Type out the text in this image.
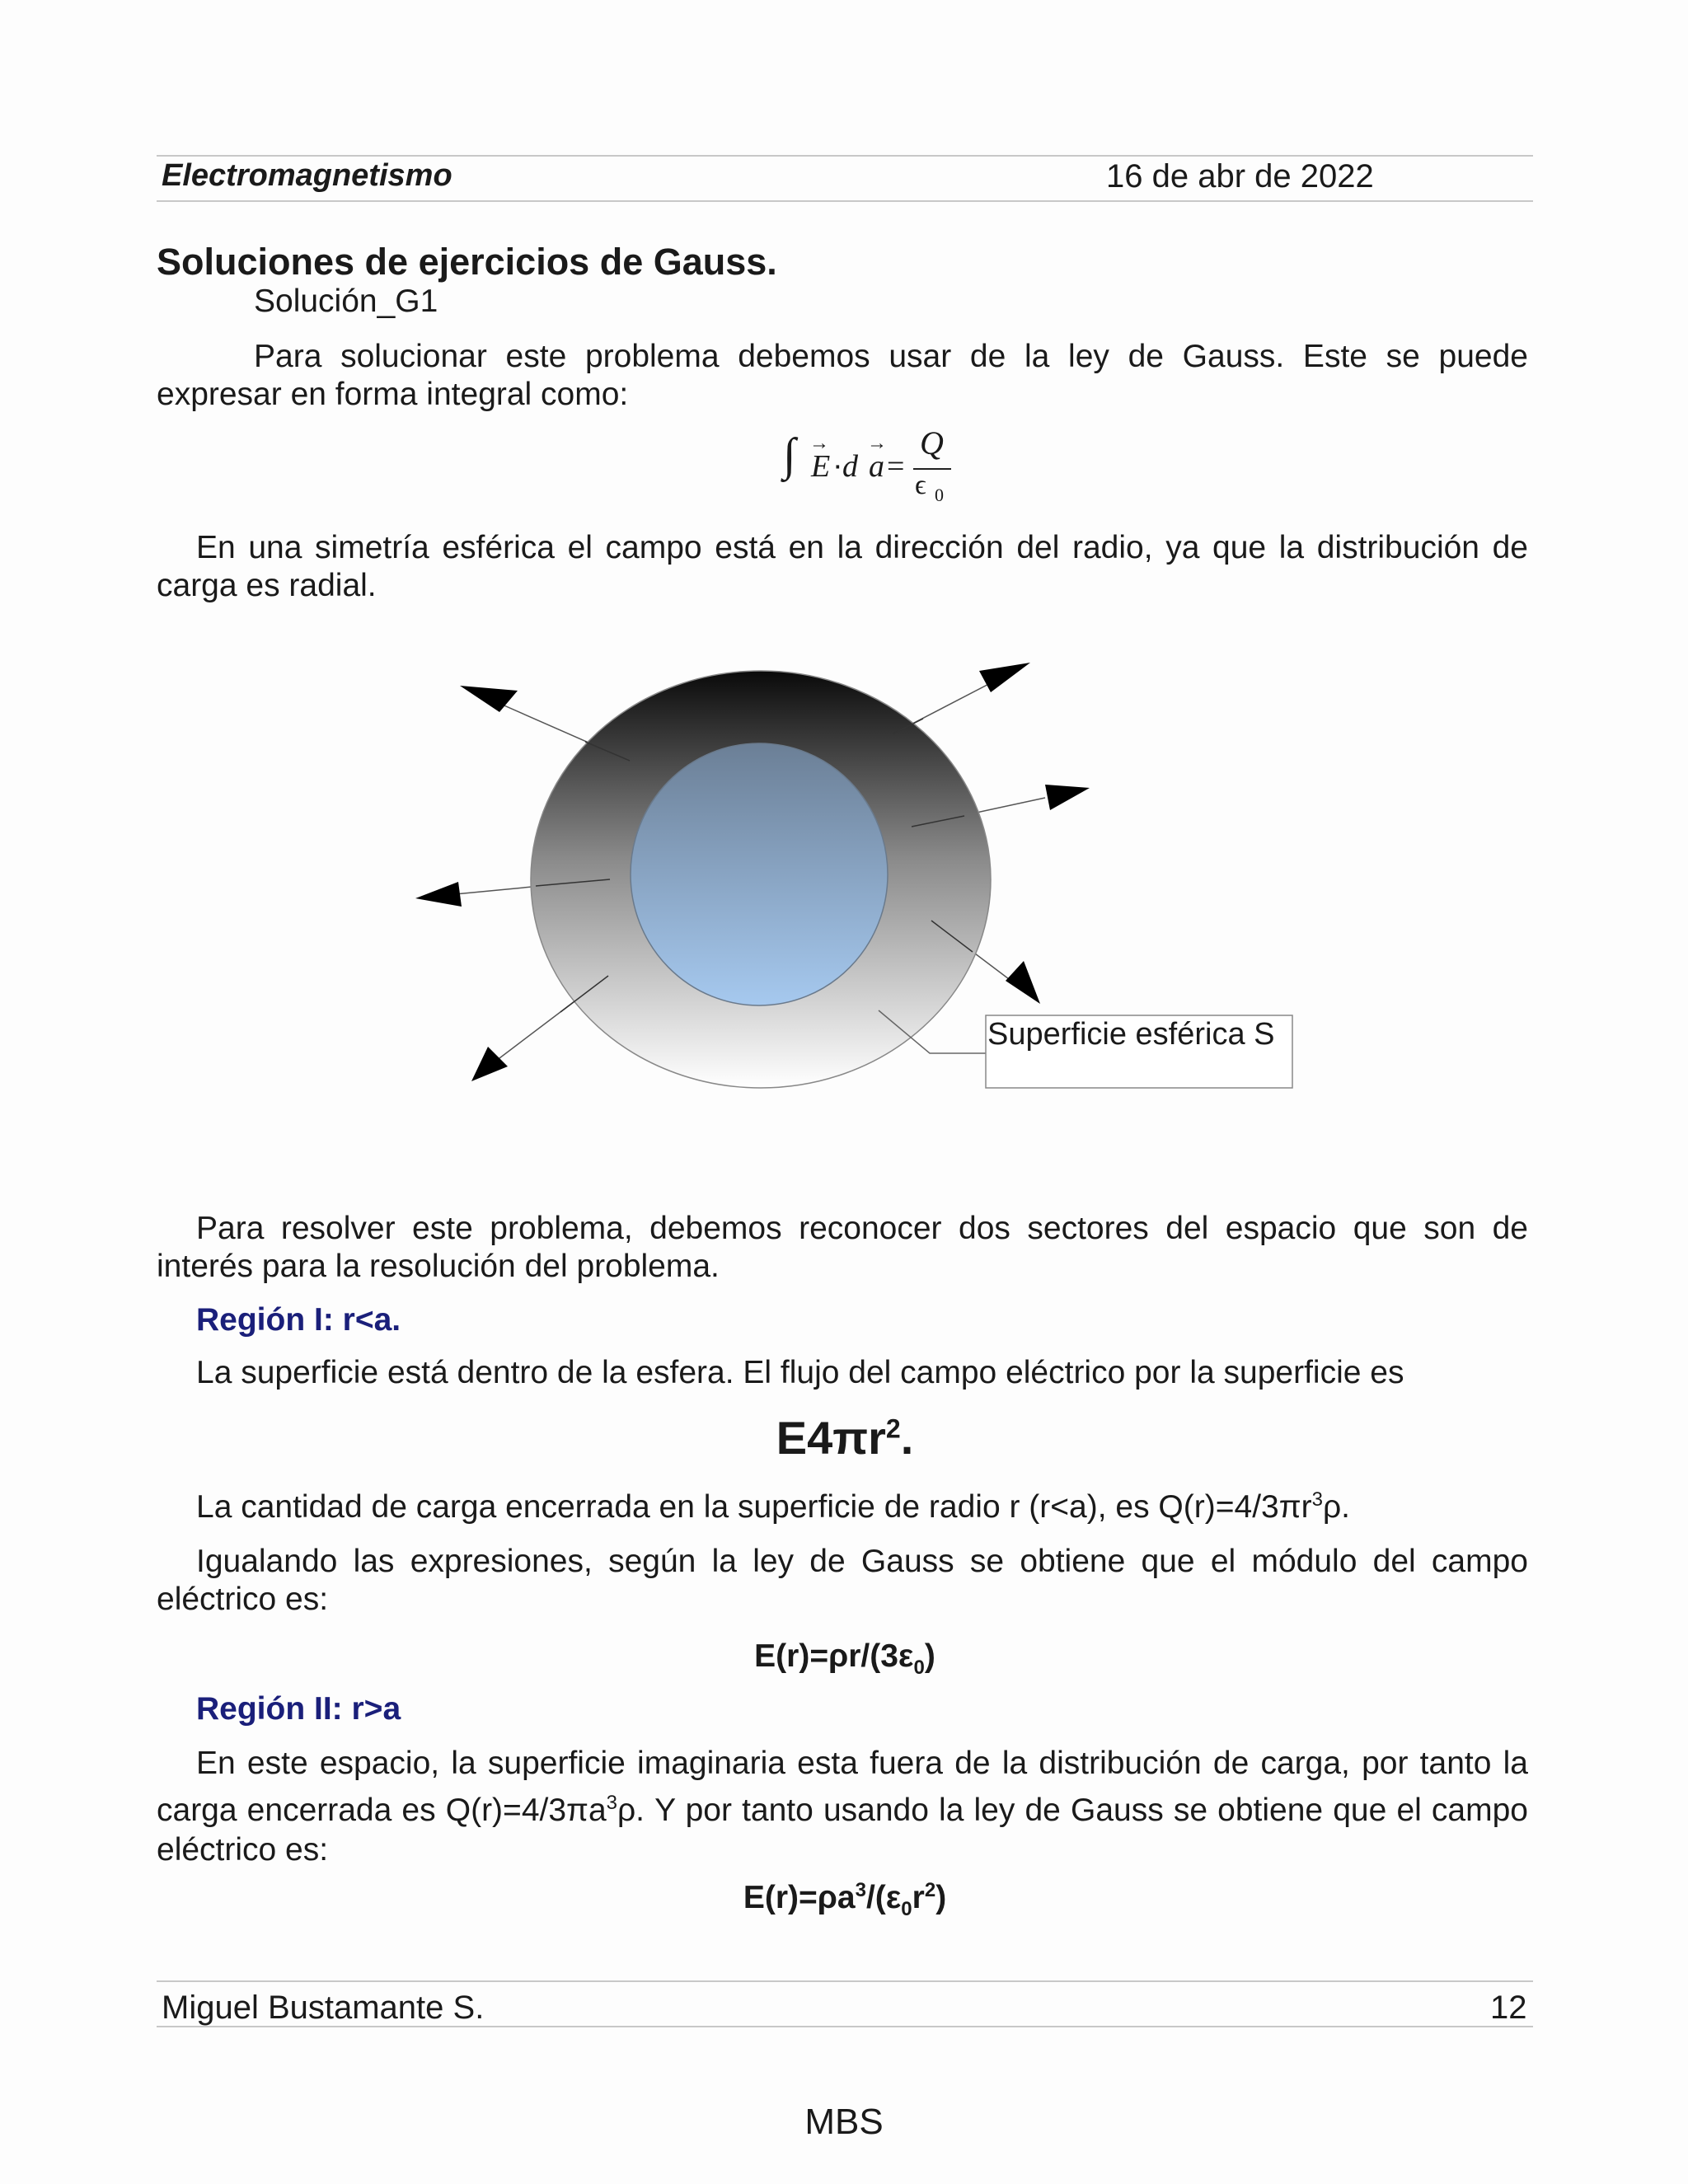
Electromagnetismo	16 de abr de 2022
Soluciones de ejercicios de Gauss.
Solución_G1
Para solucionar este problema debemos usar de la ley de Gauss. Este se puede expresar en forma integral como:
∫ →
E · d
→
a =
Q
ϵ 0
En una simetría esférica el campo está en la dirección del radio, ya que la distribución de carga es radial.
Superficie esférica S
Para resolver este problema, debemos reconocer dos sectores del espacio que son de interés para la resolución del problema.
Región I: r<a.
La superficie está dentro de la esfera. El flujo del campo eléctrico por la superficie es
$E4\pi r^2$.
La cantidad de carga encerrada en la superficie de radio r (r<a), es $Q(r)=4/3\pi r^3\rho$.
Igualando las expresiones, según la ley de Gauss se obtiene que el módulo del campo eléctrico es:
$E(r)=\rho r/(3\varepsilon_0)$
Región II: r>a
En este espacio, la superficie imaginaria esta fuera de la distribución de carga, por tanto la carga encerrada es $Q(r)=4/3\pi a^3\rho$. Y por tanto usando la ley de Gauss se obtiene que el campo eléctrico es:
$E(r)=\rho a^3/(\varepsilon_0r^2)$
Miguel Bustamante S.	12
MBS
